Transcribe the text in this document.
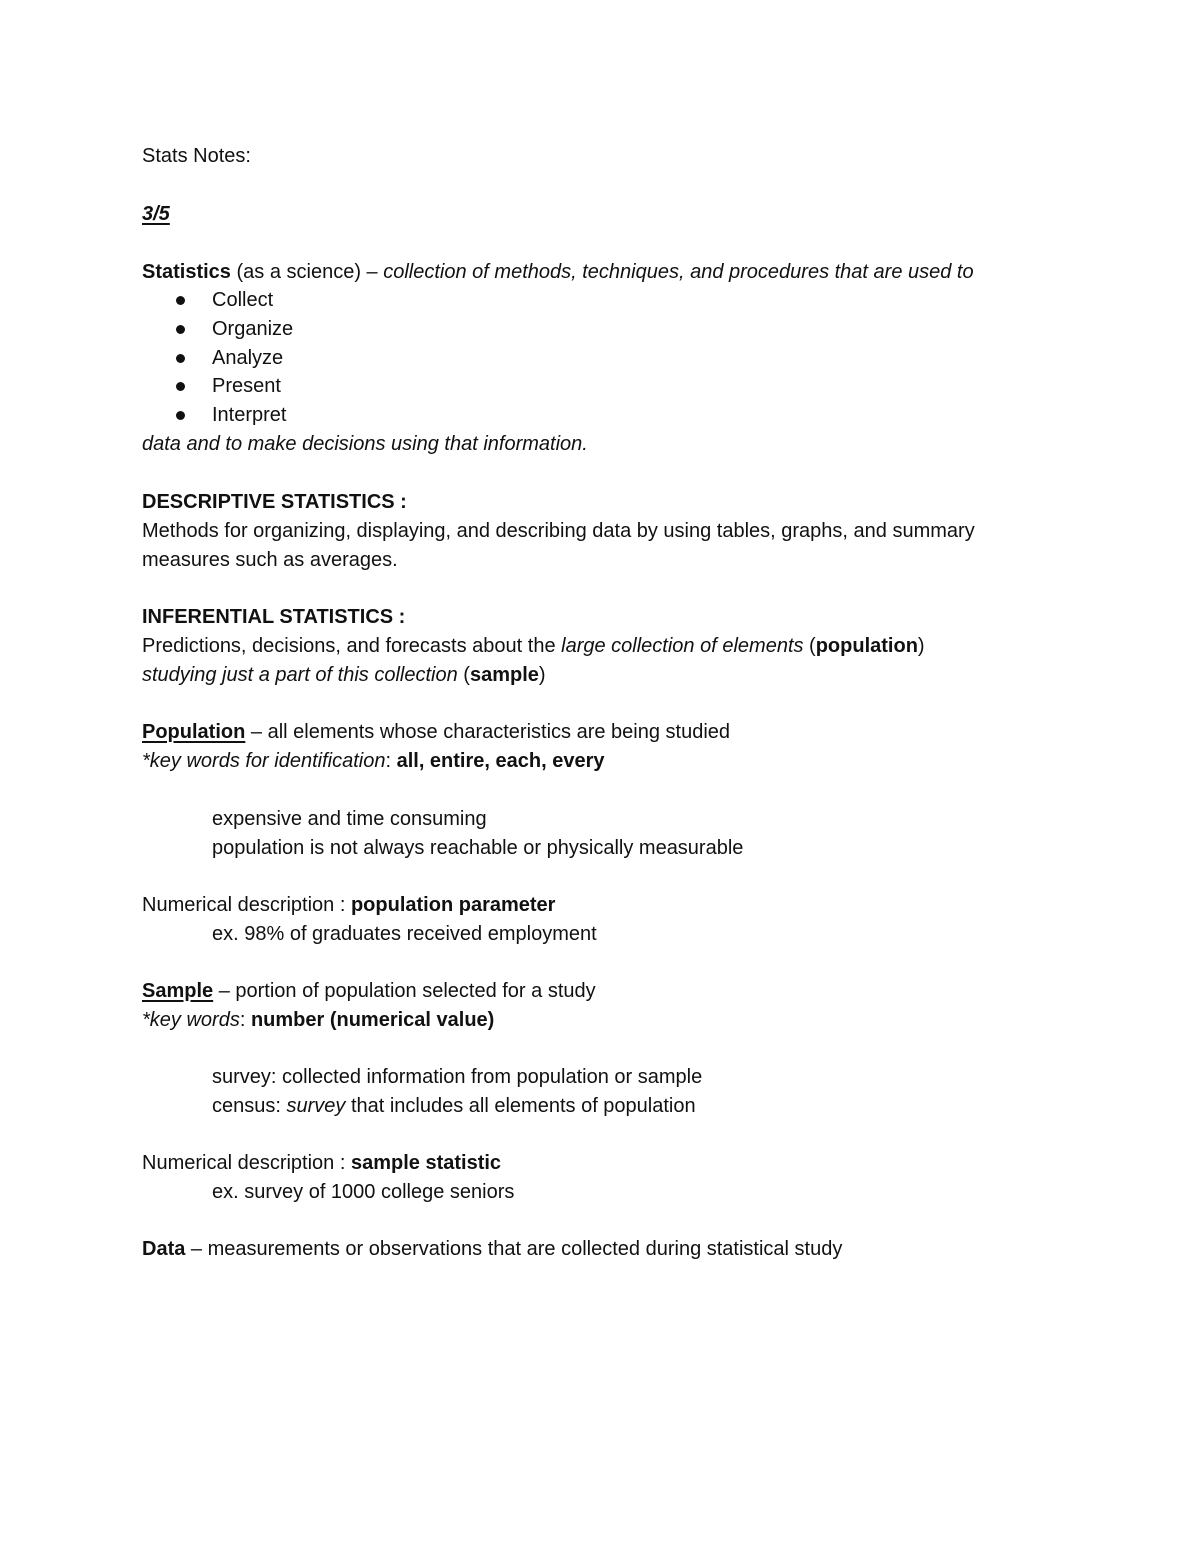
Stats Notes:
3/5
Statistics (as a science) – collection of methods, techniques, and procedures that are used to
Collect
Organize
Analyze
Present
Interpret
data and to make decisions using that information.
DESCRIPTIVE STATISTICS :
Methods for organizing, displaying, and describing data by using tables, graphs, and summary
measures such as averages.
INFERENTIAL STATISTICS :
Predictions, decisions, and forecasts about the large collection of elements (population)
studying just a part of this collection (sample)
Population – all elements whose characteristics are being studied
*key words for identification: all, entire, each, every
expensive and time consuming
population is not always reachable or physically measurable
Numerical description : population parameter
ex. 98% of graduates received employment
Sample – portion of population selected for a study
*key words: number (numerical value)
survey: collected information from population or sample
census: survey that includes all elements of population
Numerical description : sample statistic
ex. survey of 1000 college seniors
Data – measurements or observations that are collected during statistical study
